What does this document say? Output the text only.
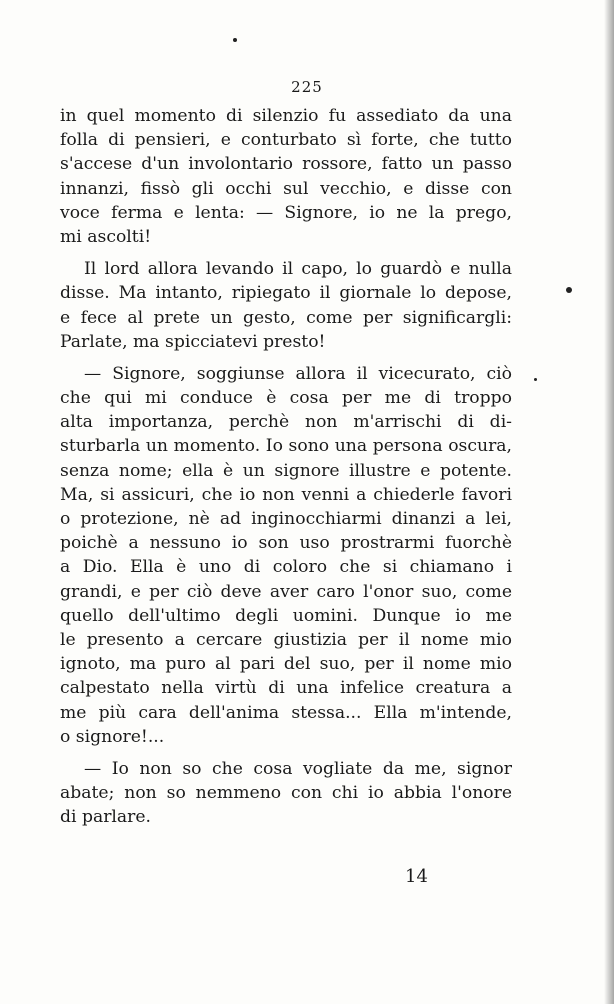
225
in quel momento di silenzio fu assediato da una
folla di pensieri, e conturbato sì forte, che tutto
s'accese d'un involontario rossore, fatto un passo
innanzi, fissò gli occhi sul vecchio, e disse con
voce ferma e lenta: — Signore, io ne la prego,
mi ascolti!
Il lord allora levando il capo, lo guardò e nulla
disse. Ma intanto, ripiegato il giornale lo depose,
e fece al prete un gesto, come per significargli:
Parlate, ma spicciatevi presto!
— Signore, soggiunse allora il vicecurato, ciò
che qui mi conduce è cosa per me di troppo
alta importanza, perchè non m'arrischi di di-
sturbarla un momento. Io sono una persona oscura,
senza nome; ella è un signore illustre e potente.
Ma, si assicuri, che io non venni a chiederle favori
o protezione, nè ad inginocchiarmi dinanzi a lei,
poichè a nessuno io son uso prostrarmi fuorchè
a Dio. Ella è uno di coloro che si chiamano i
grandi, e per ciò deve aver caro l'onor suo, come
quello dell'ultimo degli uomini. Dunque io me
le presento a cercare giustizia per il nome mio
ignoto, ma puro al pari del suo, per il nome mio
calpestato nella virtù di una infelice creatura a
me più cara dell'anima stessa... Ella m'intende,
o signore!...
— Io non so che cosa vogliate da me, signor
abate; non so nemmeno con chi io abbia l'onore
di parlare.
14
